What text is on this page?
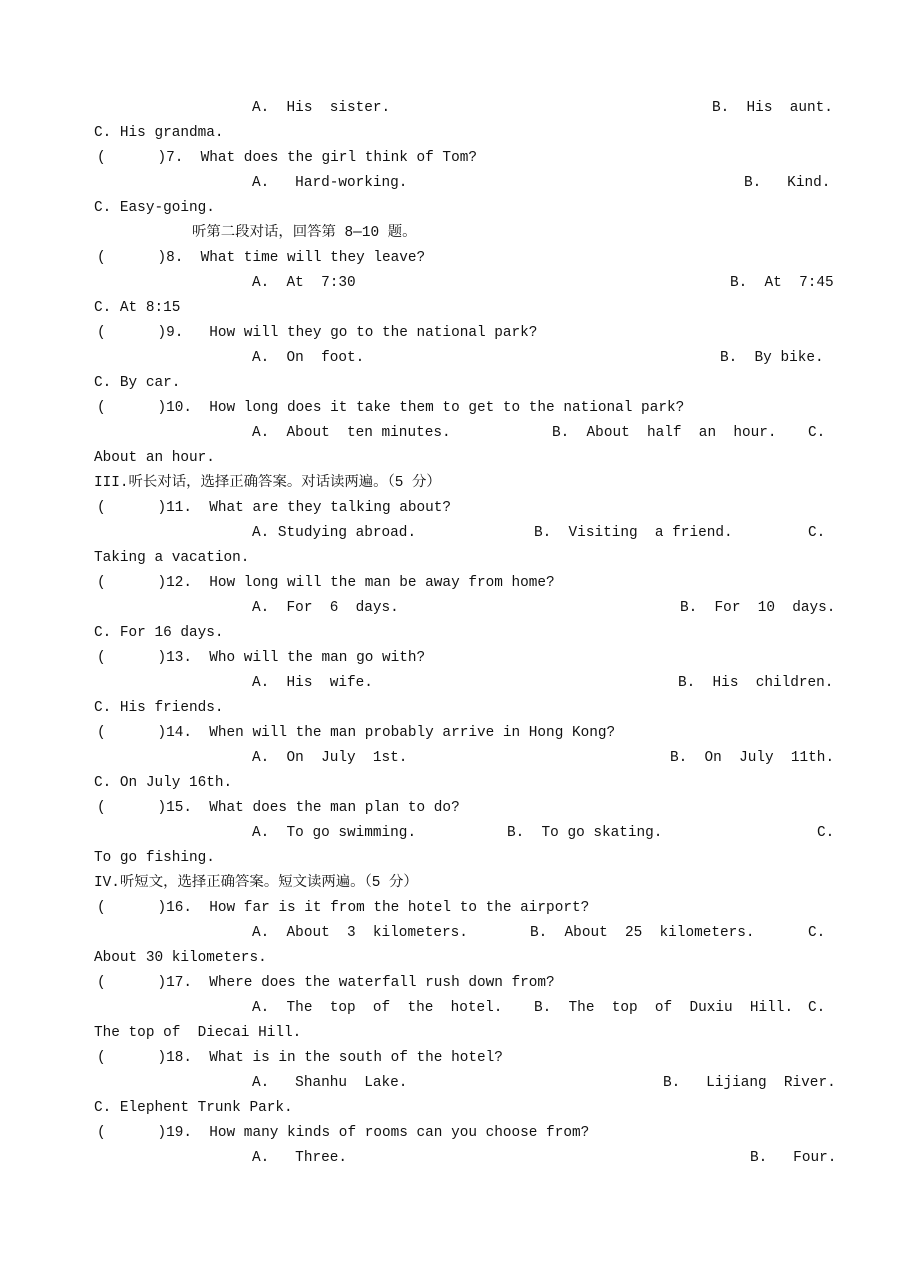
A.  His  sister.	B.  His  aunt.
C. His grandma.
(      )7.  What does the girl think of Tom?
A.   Hard-working.	B.   Kind.
C. Easy-going.
听第二段对话，回答第 8—10 题。
(      )8.  What time will they leave?
A.  At  7:30	B.  At  7:45
C. At 8:15
(      )9.   How will they go to the national park?
A.  On  foot.	B.  By bike.
C. By car.
(      )10.  How long does it take them to get to the national park?
A.  About  ten minutes.	B.  About  half  an  hour. C.
About an hour.
III.听长对话，选择正确答案。对话读两遍。（5 分）
(      )11.  What are they talking about?
A. Studying abroad.	B.  Visiting  a friend.	C.
Taking a vacation.
(      )12.  How long will the man be away from home?
A.  For  6  days.	B.  For  10  days.
C. For 16 days.
(      )13.  Who will the man go with?
A.  His  wife.	B.  His  children.
C. His friends.
(      )14.  When will the man probably arrive in Hong Kong?
A.  On  July  1st.	B.  On  July  11th.
C. On July 16th.
(      )15.  What does the man plan to do?
A.  To go swimming.	B.  To go skating.	C.
To go fishing.
IV.听短文，选择正确答案。短文读两遍。（5 分）
(      )16.  How far is it from the hotel to the airport?
A.  About  3  kilometers.	B.  About  25  kilometers.	C.
About 30 kilometers.
(      )17.  Where does the waterfall rush down from?
A.  The  top  of  the  hotel. B.  The  top  of  Duxiu  Hill. C.
The top of  Diecai Hill.
(      )18.  What is in the south of the hotel?
A.   Shanhu  Lake.	B.   Lijiang  River.
C. Elephent Trunk Park.
(      )19.  How many kinds of rooms can you choose from?
A.   Three.	B.   Four.
